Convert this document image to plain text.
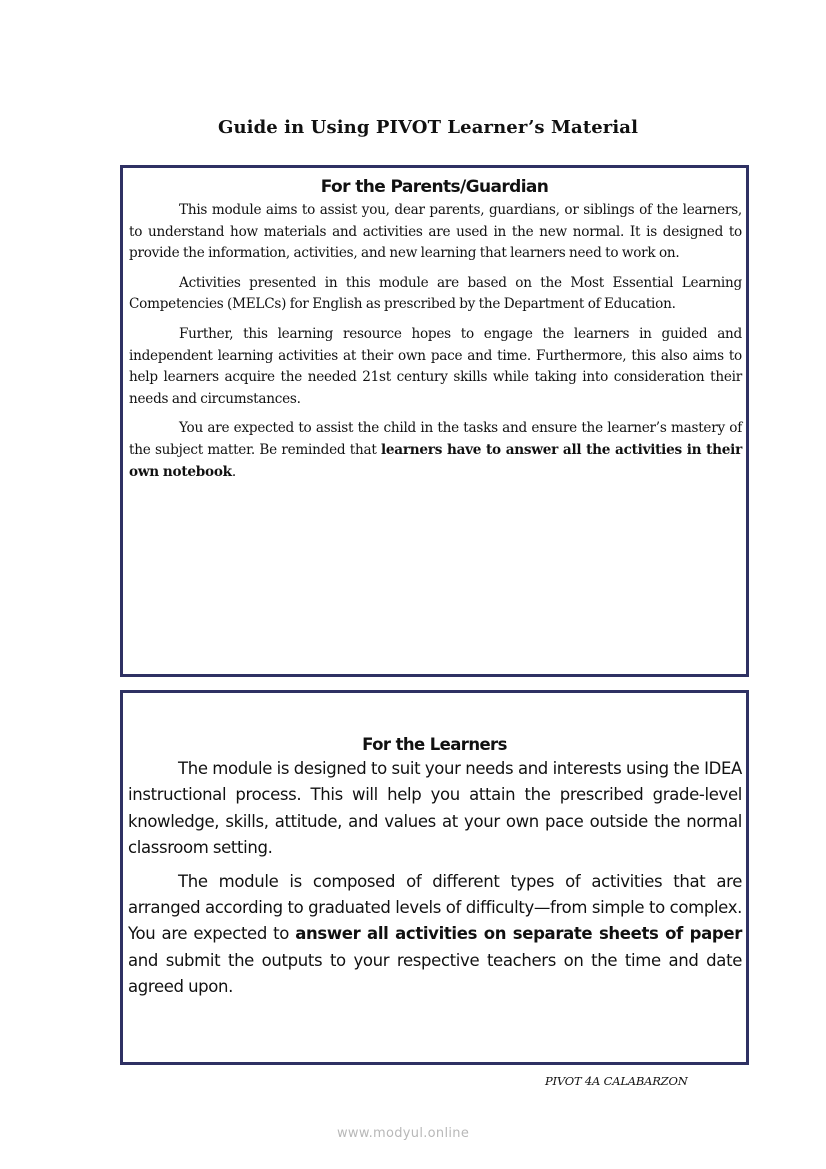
Guide in Using PIVOT Learner’s Material
For the Parents/Guardian

This module aims to assist you, dear parents, guardians, or siblings of the learners, to understand how materials and activities are used in the new normal. It is designed to provide the information, activities, and new learning that learners need to work on.

Activities presented in this module are based on the Most Essential Learning Competencies (MELCs) for English as prescribed by the Department of Education.

Further, this learning resource hopes to engage the learners in guided and independent learning activities at their own pace and time. Furthermore, this also aims to help learners acquire the needed 21st century skills while taking into consideration their needs and circumstances.

You are expected to assist the child in the tasks and ensure the learner’s mastery of the subject matter. Be reminded that learners have to answer all the activities in their own notebook.

For the Learners

The module is designed to suit your needs and interests using the IDEA instructional process. This will help you attain the prescribed grade-level knowledge, skills, attitude, and values at your own pace outside the normal classroom setting.

The module is composed of different types of activities that are arranged according to graduated levels of difficulty—from simple to complex. You are expected to answer all activities on separate sheets of paper and submit the outputs to your respective teachers on the time and date agreed upon.

PIVOT 4A CALABARZON
www.modyul.online
